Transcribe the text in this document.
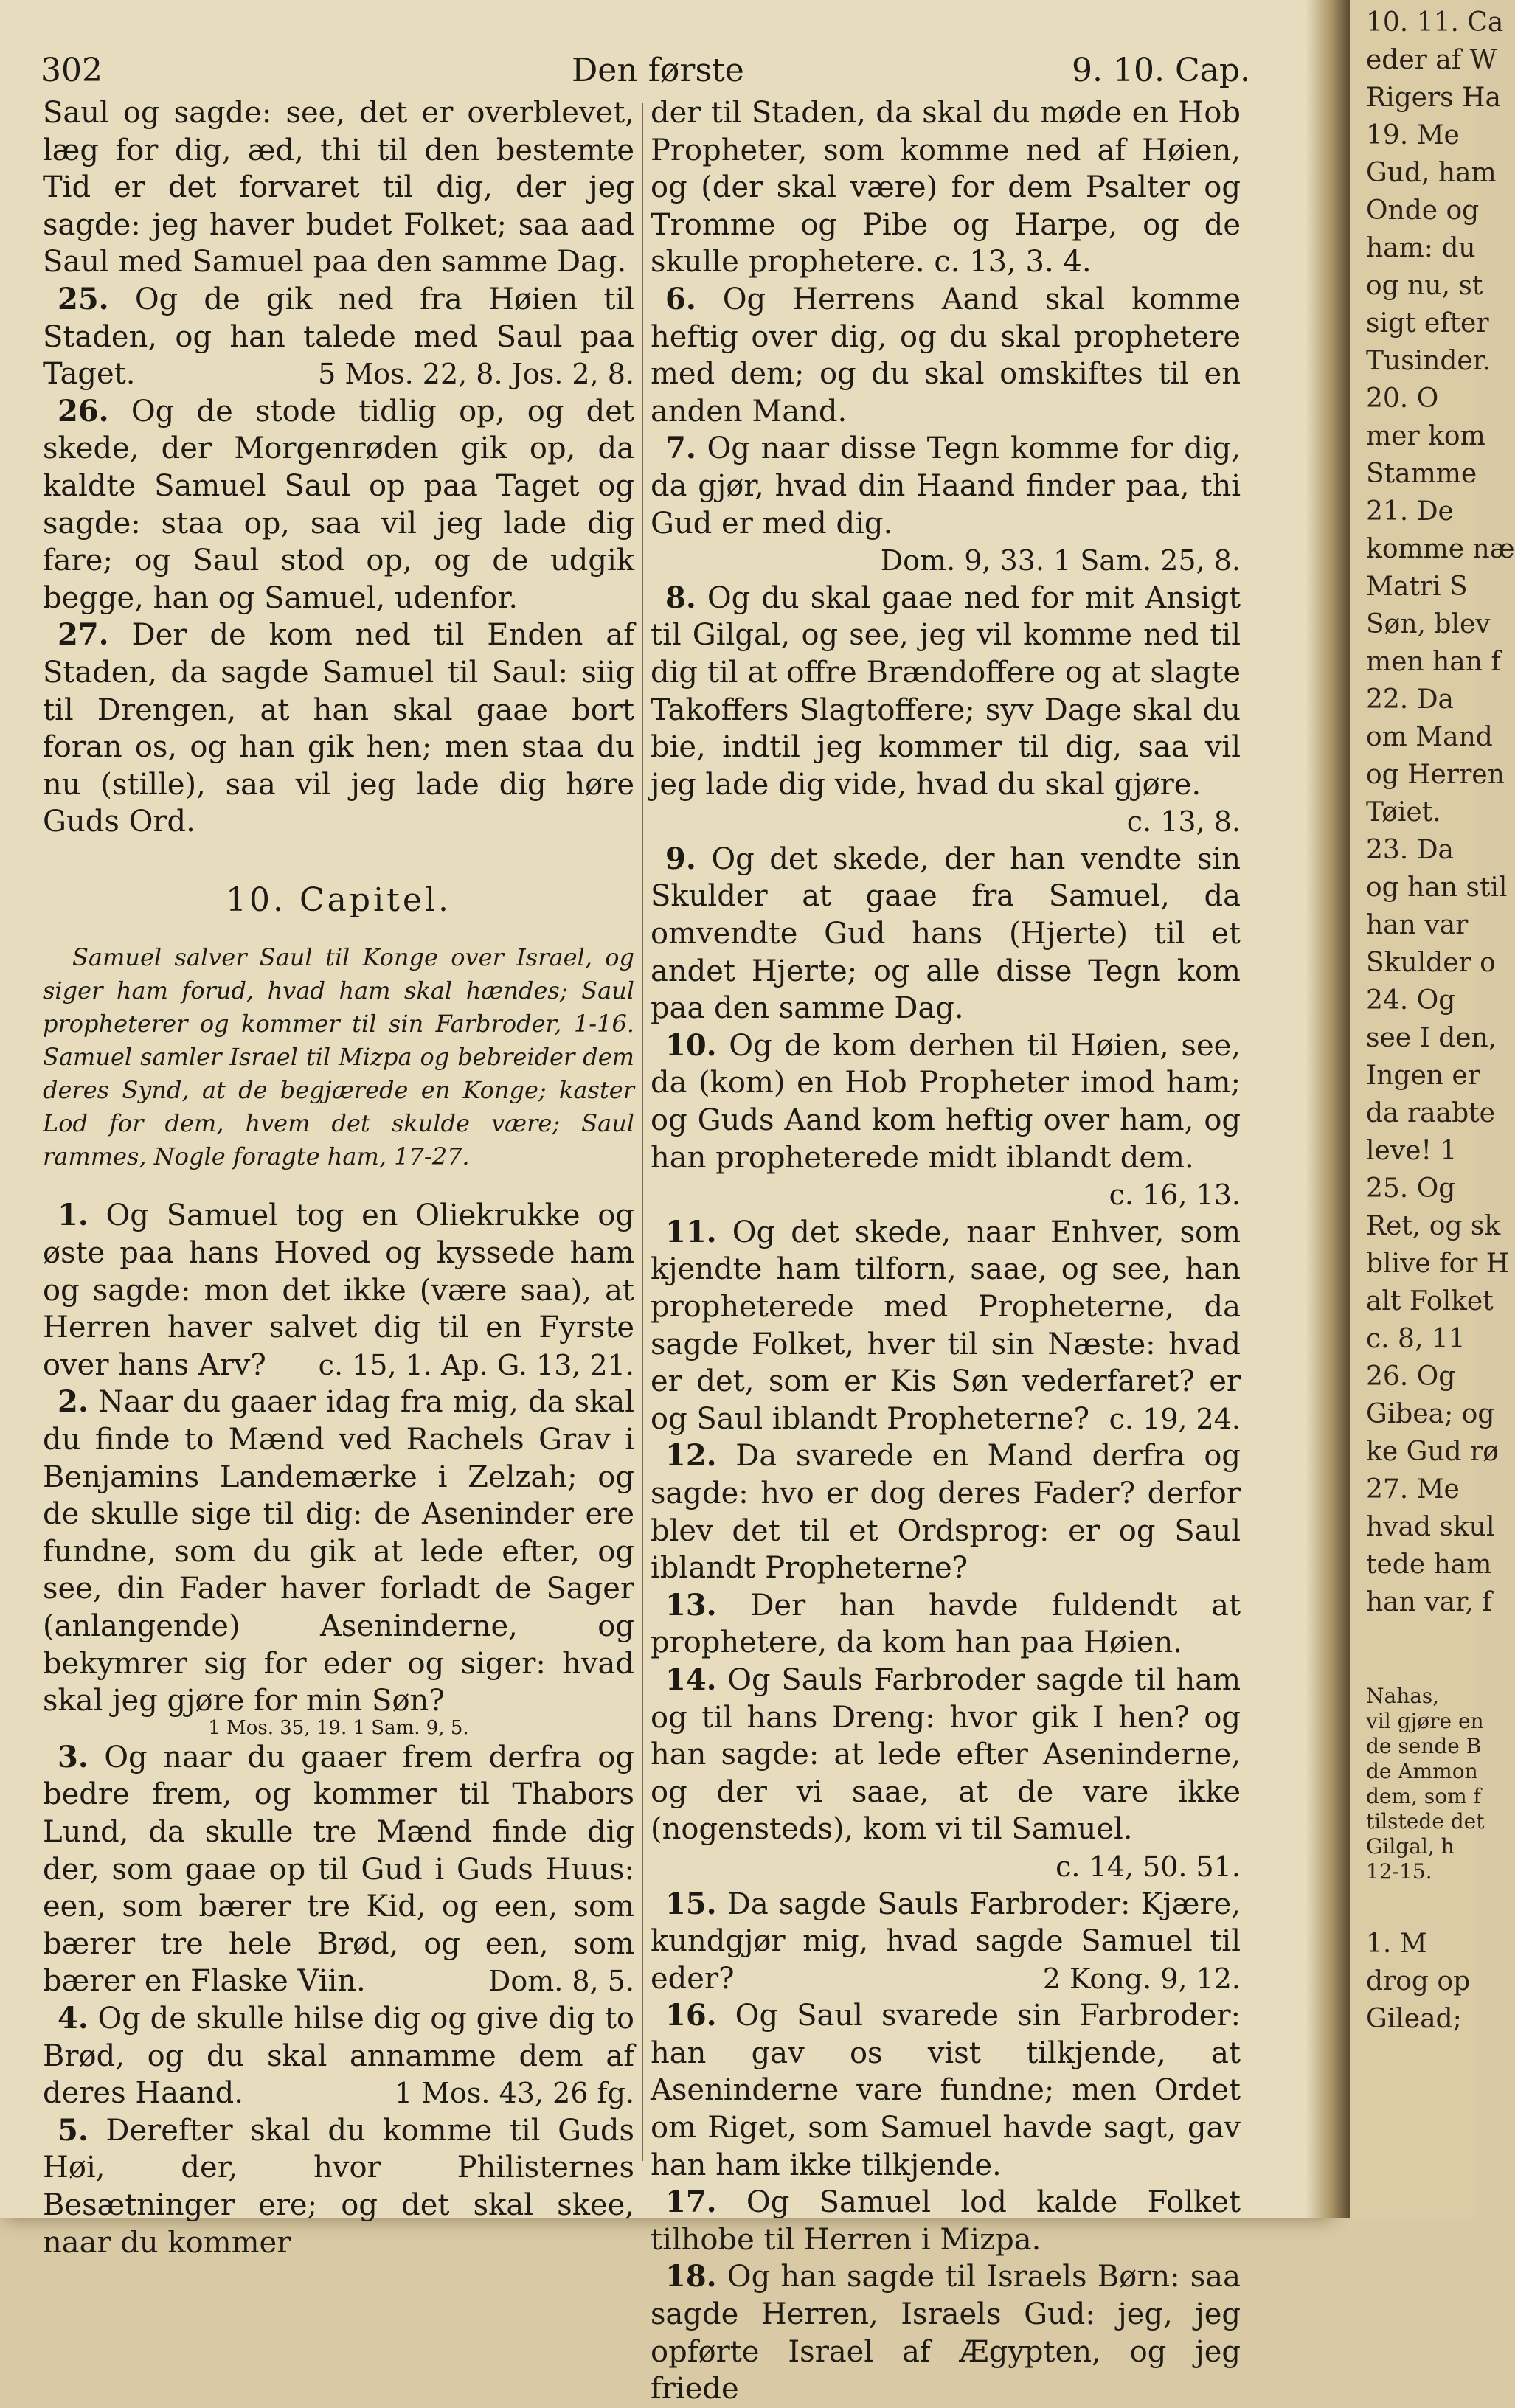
302	Den første	9. 10. Cap.

Saul og sagde: see, det er overblevet, læg for dig, æd, thi til den bestemte Tid er det forvaret til dig, der jeg sagde: jeg haver budet Folket; saa aad Saul med Samuel paa den samme Dag.

25. Og de gik ned fra Høien til Staden, og han talede med Saul paa Taget.	5 Mos. 22, 8. Jos. 2, 8.

26. Og de stode tidlig op, og det skede, der Morgenrøden gik op, da kaldte Samuel Saul op paa Taget og sagde: staa op, saa vil jeg lade dig fare; og Saul stod op, og de udgik begge, han og Samuel, udenfor.

27. Der de kom ned til Enden af Staden, da sagde Samuel til Saul: siig til Drengen, at han skal gaae bort foran os, og han gik hen; men staa du nu (stille), saa vil jeg lade dig høre Guds Ord.

10. Capitel.

Samuel salver Saul til Konge over Israel, og siger ham forud, hvad ham skal hændes; Saul propheterer og kommer til sin Farbroder, 1-16. Samuel samler Israel til Mizpa og bebreider dem deres Synd, at de begjærede en Konge; kaster Lod for dem, hvem det skulde være; Saul rammes, Nogle foragte ham, 17-27.

1. Og Samuel tog en Oliekrukke og øste paa hans Hoved og kyssede ham og sagde: mon det ikke (være saa), at Herren haver salvet dig til en Fyrste over hans Arv?	c. 15, 1. Ap. G. 13, 21.

2. Naar du gaaer idag fra mig, da skal du finde to Mænd ved Rachels Grav i Benjamins Landemærke i Zelzah; og de skulle sige til dig: de Aseninder ere fundne, som du gik at lede efter, og see, din Fader haver forladt de Sager (anlangende) Aseninderne, og bekymrer sig for eder og siger: hvad skal jeg gjøre for min Søn?

1 Mos. 35, 19. 1 Sam. 9, 5.

3. Og naar du gaaer frem derfra og bedre frem, og kommer til Thabors Lund, da skulle tre Mænd finde dig der, som gaae op til Gud i Guds Huus: een, som bærer tre Kid, og een, som bærer tre hele Brød, og een, som bærer en Flaske Viin.	Dom. 8, 5.

4. Og de skulle hilse dig og give dig to Brød, og du skal annamme dem af deres Haand.	1 Mos. 43, 26 fg.

5. Derefter skal du komme til Guds Høi, der, hvor Philisternes Besætninger ere; og det skal skee, naar du kommer

der til Staden, da skal du møde en Hob Propheter, som komme ned af Høien, og (der skal være) for dem Psalter og Tromme og Pibe og Harpe, og de skulle prophetere. c. 13, 3. 4.

6. Og Herrens Aand skal komme heftig over dig, og du skal prophetere med dem; og du skal omskiftes til en anden Mand.

7. Og naar disse Tegn komme for dig, da gjør, hvad din Haand finder paa, thi Gud er med dig.
Dom. 9, 33. 1 Sam. 25, 8.

8. Og du skal gaae ned for mit Ansigt til Gilgal, og see, jeg vil komme ned til dig til at offre Brændoffere og at slagte Takoffers Slagtoffere; syv Dage skal du bie, indtil jeg kommer til dig, saa vil jeg lade dig vide, hvad du skal gjøre.
c. 13, 8.

9. Og det skede, der han vendte sin Skulder at gaae fra Samuel, da omvendte Gud hans (Hjerte) til et andet Hjerte; og alle disse Tegn kom paa den samme Dag.

10. Og de kom derhen til Høien, see, da (kom) en Hob Propheter imod ham; og Guds Aand kom heftig over ham, og han propheterede midt iblandt dem.
c. 16, 13.

11. Og det skede, naar Enhver, som kjendte ham tilforn, saae, og see, han propheterede med Propheterne, da sagde Folket, hver til sin Næste: hvad er det, som er Kis Søn vederfaret? er og Saul iblandt Propheterne? c. 19, 24.

12. Da svarede en Mand derfra og sagde: hvo er dog deres Fader? derfor blev det til et Ordsprog: er og Saul iblandt Propheterne?

13. Der han havde fuldendt at prophetere, da kom han paa Høien.

14. Og Sauls Farbroder sagde til ham og til hans Dreng: hvor gik I hen? og han sagde: at lede efter Aseninderne, og der vi saae, at de vare ikke (nogensteds), kom vi til Samuel.
c. 14, 50. 51.

15. Da sagde Sauls Farbroder: Kjære, kundgjør mig, hvad sagde Samuel til eder?	2 Kong. 9, 12.

16. Og Saul svarede sin Farbroder: han gav os vist tilkjende, at Aseninderne vare fundne; men Ordet om Riget, som Samuel havde sagt, gav han ham ikke tilkjende.

17. Og Samuel lod kalde Folket tilhobe til Herren i Mizpa.

18. Og han sagde til Israels Børn: saa sagde Herren, Israels Gud: jeg, jeg opførte Israel af Ægypten, og jeg friede

10. 11. Ca
eder af W
Rigers Ha
19. Me
Gud, ham
Onde og
ham: du
og nu, st
sigt efter
Tusinder.
20. O
mer kom
Stamme
21. De
komme næ
Matri S
Søn, blev
men han f
22. Da
om Mand
og Herren
Tøiet.
23. Da
og han stil
han var
Skulder o
24. Og
see I den,
Ingen er
da raabte
leve! 1
25. Og
Ret, og sk
blive for H
alt Folket
c. 8, 11
26. Og
Gibea; og
ke Gud rø
27. Me
hvad skul
tede ham
han var, f
Nahas,
vil gjøre en
de sende B
de Ammon
dem, som f
tilstede det
Gilgal, h
12-15.
1. M
drog op
Gilead;
